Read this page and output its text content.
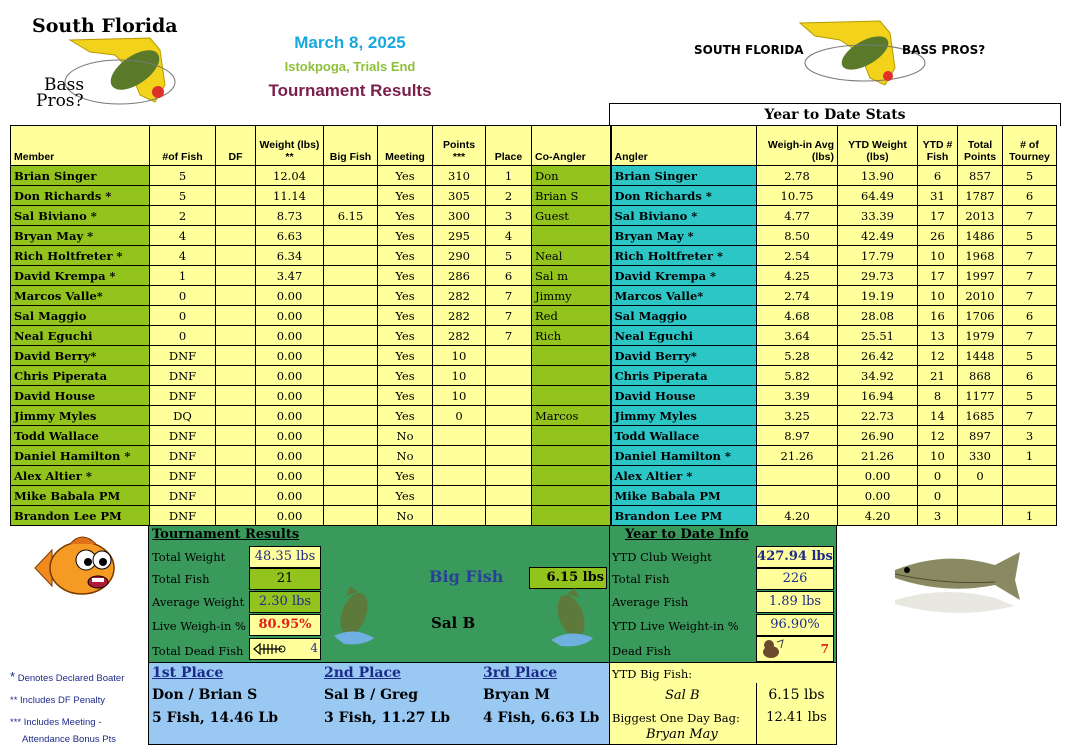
South Florida
Bass
Pros?
March 8, 2025
Istokpoga, Trials End
Tournament Results
SOUTH FLORIDA	BASS PROS?
Year to Date Stats
Member	#of Fish	DF	Weight (lbs) **	Big Fish	Meeting	Points ***	Place	Co-Angler	Angler	Weigh-in Avg (lbs)	YTD Weight (lbs)	YTD # Fish	Total Points	# of Tourney
Brian Singer	5		12.04		Yes	310	1	Don	Brian Singer	2.78	13.90	6	857	5
Don Richards *	5		11.14		Yes	305	2	Brian S	Don Richards *	10.75	64.49	31	1787	6
Sal Biviano *	2		8.73	6.15	Yes	300	3	Guest	Sal Biviano *	4.77	33.39	17	2013	7
Bryan May *	4		6.63		Yes	295	4		Bryan May *	8.50	42.49	26	1486	5
Rich Holtfreter *	4		6.34		Yes	290	5	Neal	Rich Holtfreter *	2.54	17.79	10	1968	7
David Krempa *	1		3.47		Yes	286	6	Sal m	David Krempa *	4.25	29.73	17	1997	7
Marcos Valle*	0		0.00		Yes	282	7	Jimmy	Marcos Valle*	2.74	19.19	10	2010	7
Sal Maggio	0		0.00		Yes	282	7	Red	Sal Maggio	4.68	28.08	16	1706	6
Neal Eguchi	0		0.00		Yes	282	7	Rich	Neal Eguchi	3.64	25.51	13	1979	7
David Berry*	DNF		0.00		Yes	10			David Berry*	5.28	26.42	12	1448	5
Chris Piperata	DNF		0.00		Yes	10			Chris Piperata	5.82	34.92	21	868	6
David House	DNF		0.00		Yes	10			David House	3.39	16.94	8	1177	5
Jimmy Myles	DQ		0.00		Yes	0		Marcos	Jimmy Myles	3.25	22.73	14	1685	7
Todd Wallace	DNF		0.00		No				Todd Wallace	8.97	26.90	12	897	3
Daniel Hamilton *	DNF		0.00		No				Daniel Hamilton *	21.26	21.26	10	330	1
Alex Altier *	DNF		0.00		Yes				Alex Altier *		0.00	0	0	
Mike Babala PM	DNF		0.00		Yes				Mike Babala PM		0.00	0		
Brandon Lee PM	DNF		0.00		No				Brandon Lee PM	4.20	4.20	3		1
Tournament Results
Total Weight	48.35 lbs
Total Fish	21
Average Weight	2.30 lbs
Live Weigh-in % 80.95%
Total Dead Fish	4
Big Fish	6.15 lbs
Sal B
Year to Date Info
YTD Club Weight	427.94 lbs
Total Fish	226
Average Fish	1.89 lbs
YTD Live Weight-in %	96.90%
Dead Fish	7
* Denotes Declared Boater
** Includes DF Penalty
*** Includes Meeting -
Attendance Bonus Pts
1st Place
Don / Brian S
5 Fish, 14.46 Lb
2nd Place
Sal B / Greg
3 Fish, 11.27 Lb
3rd Place
Bryan M
4 Fish, 6.63 Lb
YTD Big Fish:
Sal B	6.15 lbs
Biggest One Day Bag:	12.41 lbs
Bryan May
